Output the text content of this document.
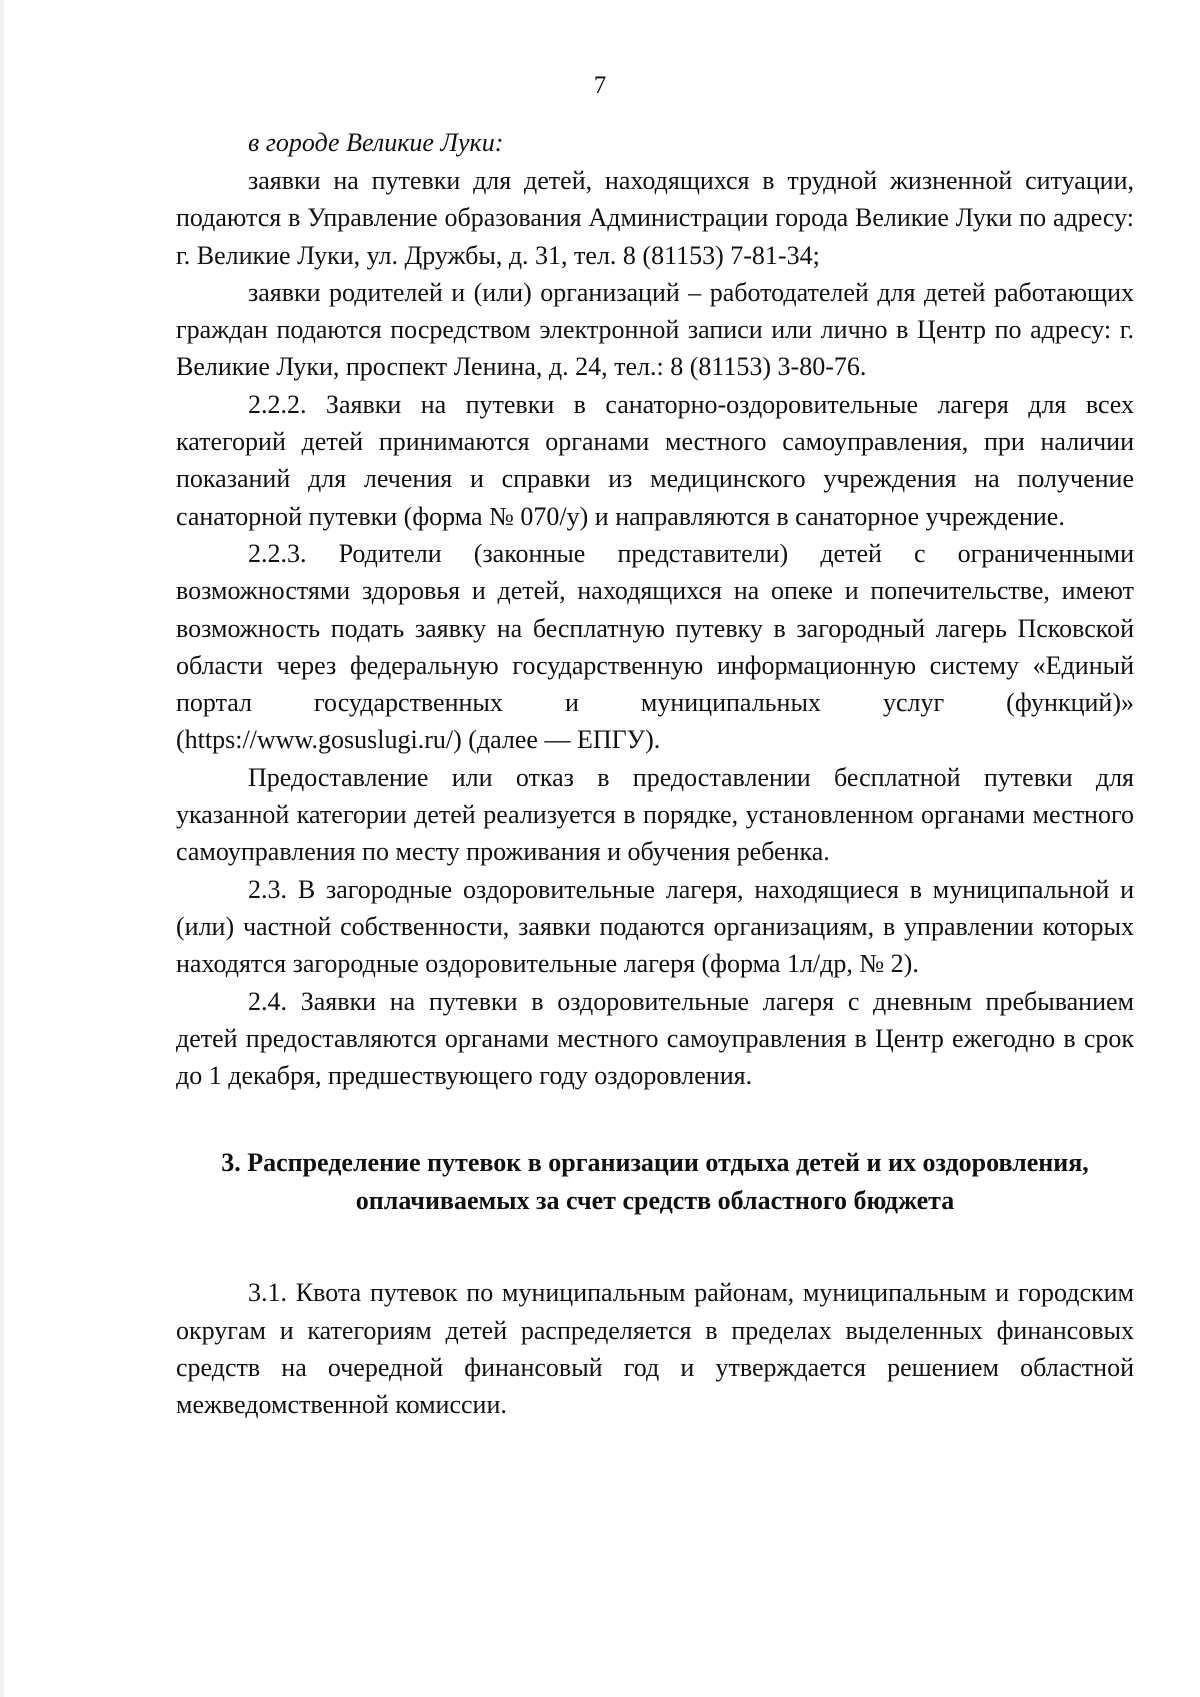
7

в городе Великие Луки:

заявки на путевки для детей, находящихся в трудной жизненной ситуации, подаются в Управление образования Администрации города Великие Луки по адресу: г. Великие Луки, ул. Дружбы, д. 31, тел. 8 (81153) 7-81-34;

заявки родителей и (или) организаций – работодателей для детей работающих граждан подаются посредством электронной записи или лично в Центр по адресу: г. Великие Луки, проспект Ленина, д. 24, тел.: 8 (81153) 3-80-76.

2.2.2. Заявки на путевки в санаторно-оздоровительные лагеря для всех категорий детей принимаются органами местного самоуправления, при наличии показаний для лечения и справки из медицинского учреждения на получение санаторной путевки (форма № 070/у) и направляются в санаторное учреждение.

2.2.3. Родители (законные представители) детей с ограниченными возможностями здоровья и детей, находящихся на опеке и попечительстве, имеют возможность подать заявку на бесплатную путевку в загородный лагерь Псковской области через федеральную государственную информационную систему «Единый портал государственных и муниципальных услуг (функций)» (https://www.gosuslugi.ru/) (далее — ЕПГУ).

Предоставление или отказ в предоставлении бесплатной путевки для указанной категории детей реализуется в порядке, установленном органами местного самоуправления по месту проживания и обучения ребенка.

2.3. В загородные оздоровительные лагеря, находящиеся в муниципальной и (или) частной собственности, заявки подаются организациям, в управлении которых находятся загородные оздоровительные лагеря (форма 1л/др, № 2).

2.4. Заявки на путевки в оздоровительные лагеря с дневным пребыванием детей предоставляются органами местного самоуправления в Центр ежегодно в срок до 1 декабря, предшествующего году оздоровления.

3. Распределение путевок в организации отдыха детей и их оздоровления, оплачиваемых за счет средств областного бюджета

3.1. Квота путевок по муниципальным районам, муниципальным и городским округам и категориям детей распределяется в пределах выделенных финансовых средств на очередной финансовый год и утверждается решением областной межведомственной комиссии.
